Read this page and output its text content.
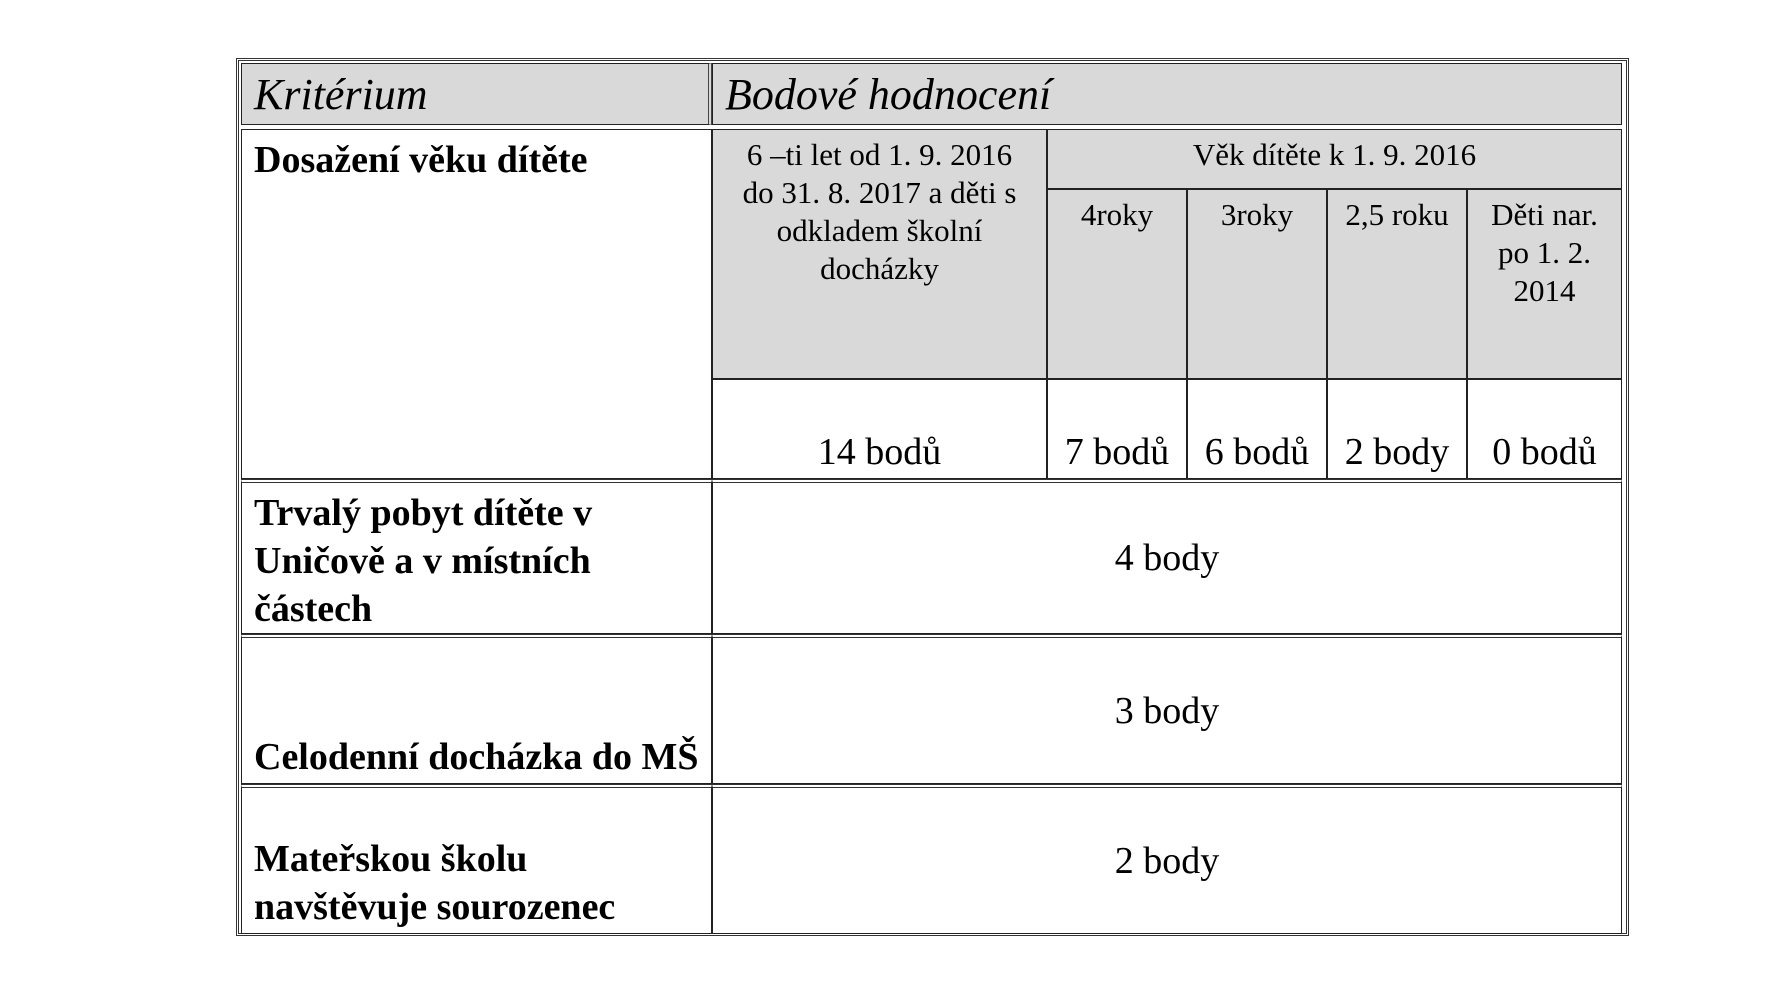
Kritérium	Bodové hodnocení				

Dosažení věku dítěte	6 –ti let od 1. 9. 2016 do 31. 8. 2017 a děti s odkladem školní docházky	Věk dítěte k 1. 9. 2016			
		4roky	3roky	2,5 roku	Děti nar. po 1. 2. 2014
	14 bodů	7 bodů	6 bodů	2 body	0 bodů
Trvalý pobyt dítěte v Uničově a v místních částech	4 body				
Celodenní docházka do MŠ	3 body				
Mateřskou školu navštěvuje sourozenec	2 body				
